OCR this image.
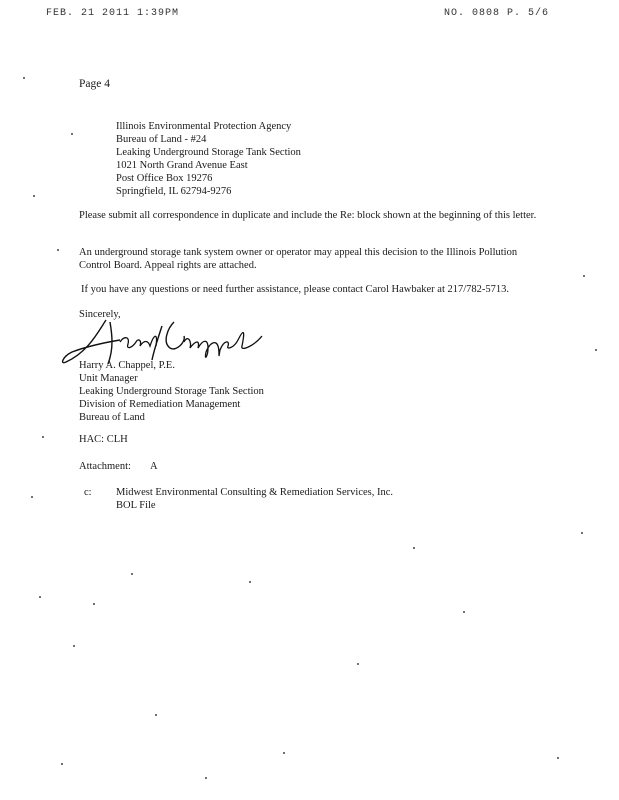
FEB. 21 2011 1:39PM	NO. 0808 P. 5/6
Page 4
Illinois Environmental Protection Agency
Bureau of Land - #24
Leaking Underground Storage Tank Section
1021 North Grand Avenue East
Post Office Box 19276
Springfield, IL 62794-9276
Please submit all correspondence in duplicate and include the Re: block shown at the beginning of this letter.
An underground storage tank system owner or operator may appeal this decision to the Illinois Pollution Control Board. Appeal rights are attached.
If you have any questions or need further assistance, please contact Carol Hawbaker at 217/782-5713.
Sincerely,
Harry A. Chappel, P.E.
Unit Manager
Leaking Underground Storage Tank Section
Division of Remediation Management
Bureau of Land
HAC: CLH
Attachment: A
c: Midwest Environmental Consulting & Remediation Services, Inc.
BOL File
